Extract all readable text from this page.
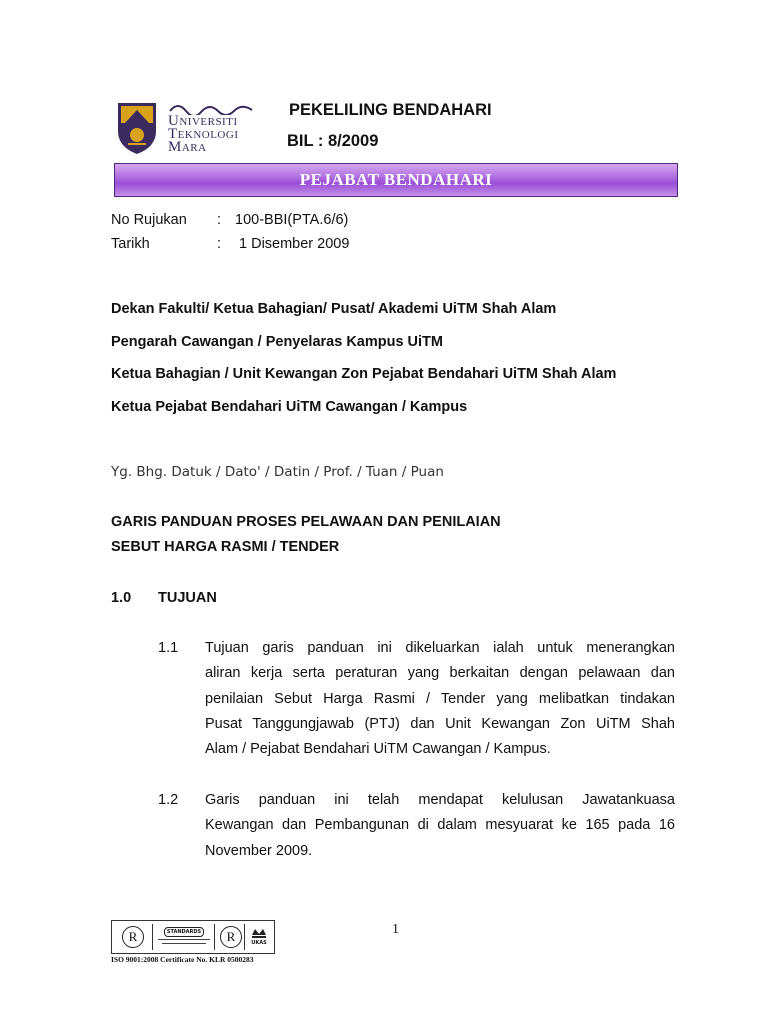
Universiti
Teknologi
Mara
PEKELILING BENDAHARI
BIL : 8/2009
PEJABAT BENDAHARI
No Rujukan : 100-BBI(PTA.6/6)
Tarikh	: 1 Disember 2009
Dekan Fakulti/ Ketua Bahagian/ Pusat/ Akademi UiTM Shah Alam
Pengarah Cawangan / Penyelaras Kampus UiTM
Ketua Bahagian / Unit Kewangan Zon Pejabat Bendahari UiTM Shah Alam
Ketua Pejabat Bendahari UiTM Cawangan / Kampus
Yg. Bhg. Datuk / Dato' / Datin / Prof. / Tuan / Puan
GARIS PANDUAN PROSES PELAWAAN DAN PENILAIAN
SEBUT HARGA RASMI / TENDER
1.0 TUJUAN
1.1 Tujuan garis panduan ini dikeluarkan ialah untuk menerangkan
aliran kerja serta peraturan yang berkaitan dengan pelawaan dan
penilaian Sebut Harga Rasmi / Tender yang melibatkan tindakan
Pusat Tanggungjawab (PTJ) dan Unit Kewangan Zon UiTM Shah
Alam / Pejabat Bendahari UiTM Cawangan / Kampus.
1.2 Garis panduan ini telah mendapat kelulusan Jawatankuasa
Kewangan dan Pembangunan di dalam mesyuarat ke 165 pada 16
November 2009.
1
R	STANDARDS	R	UKAS
ISO 9001:2008 Certificate No. KLR 0500283
